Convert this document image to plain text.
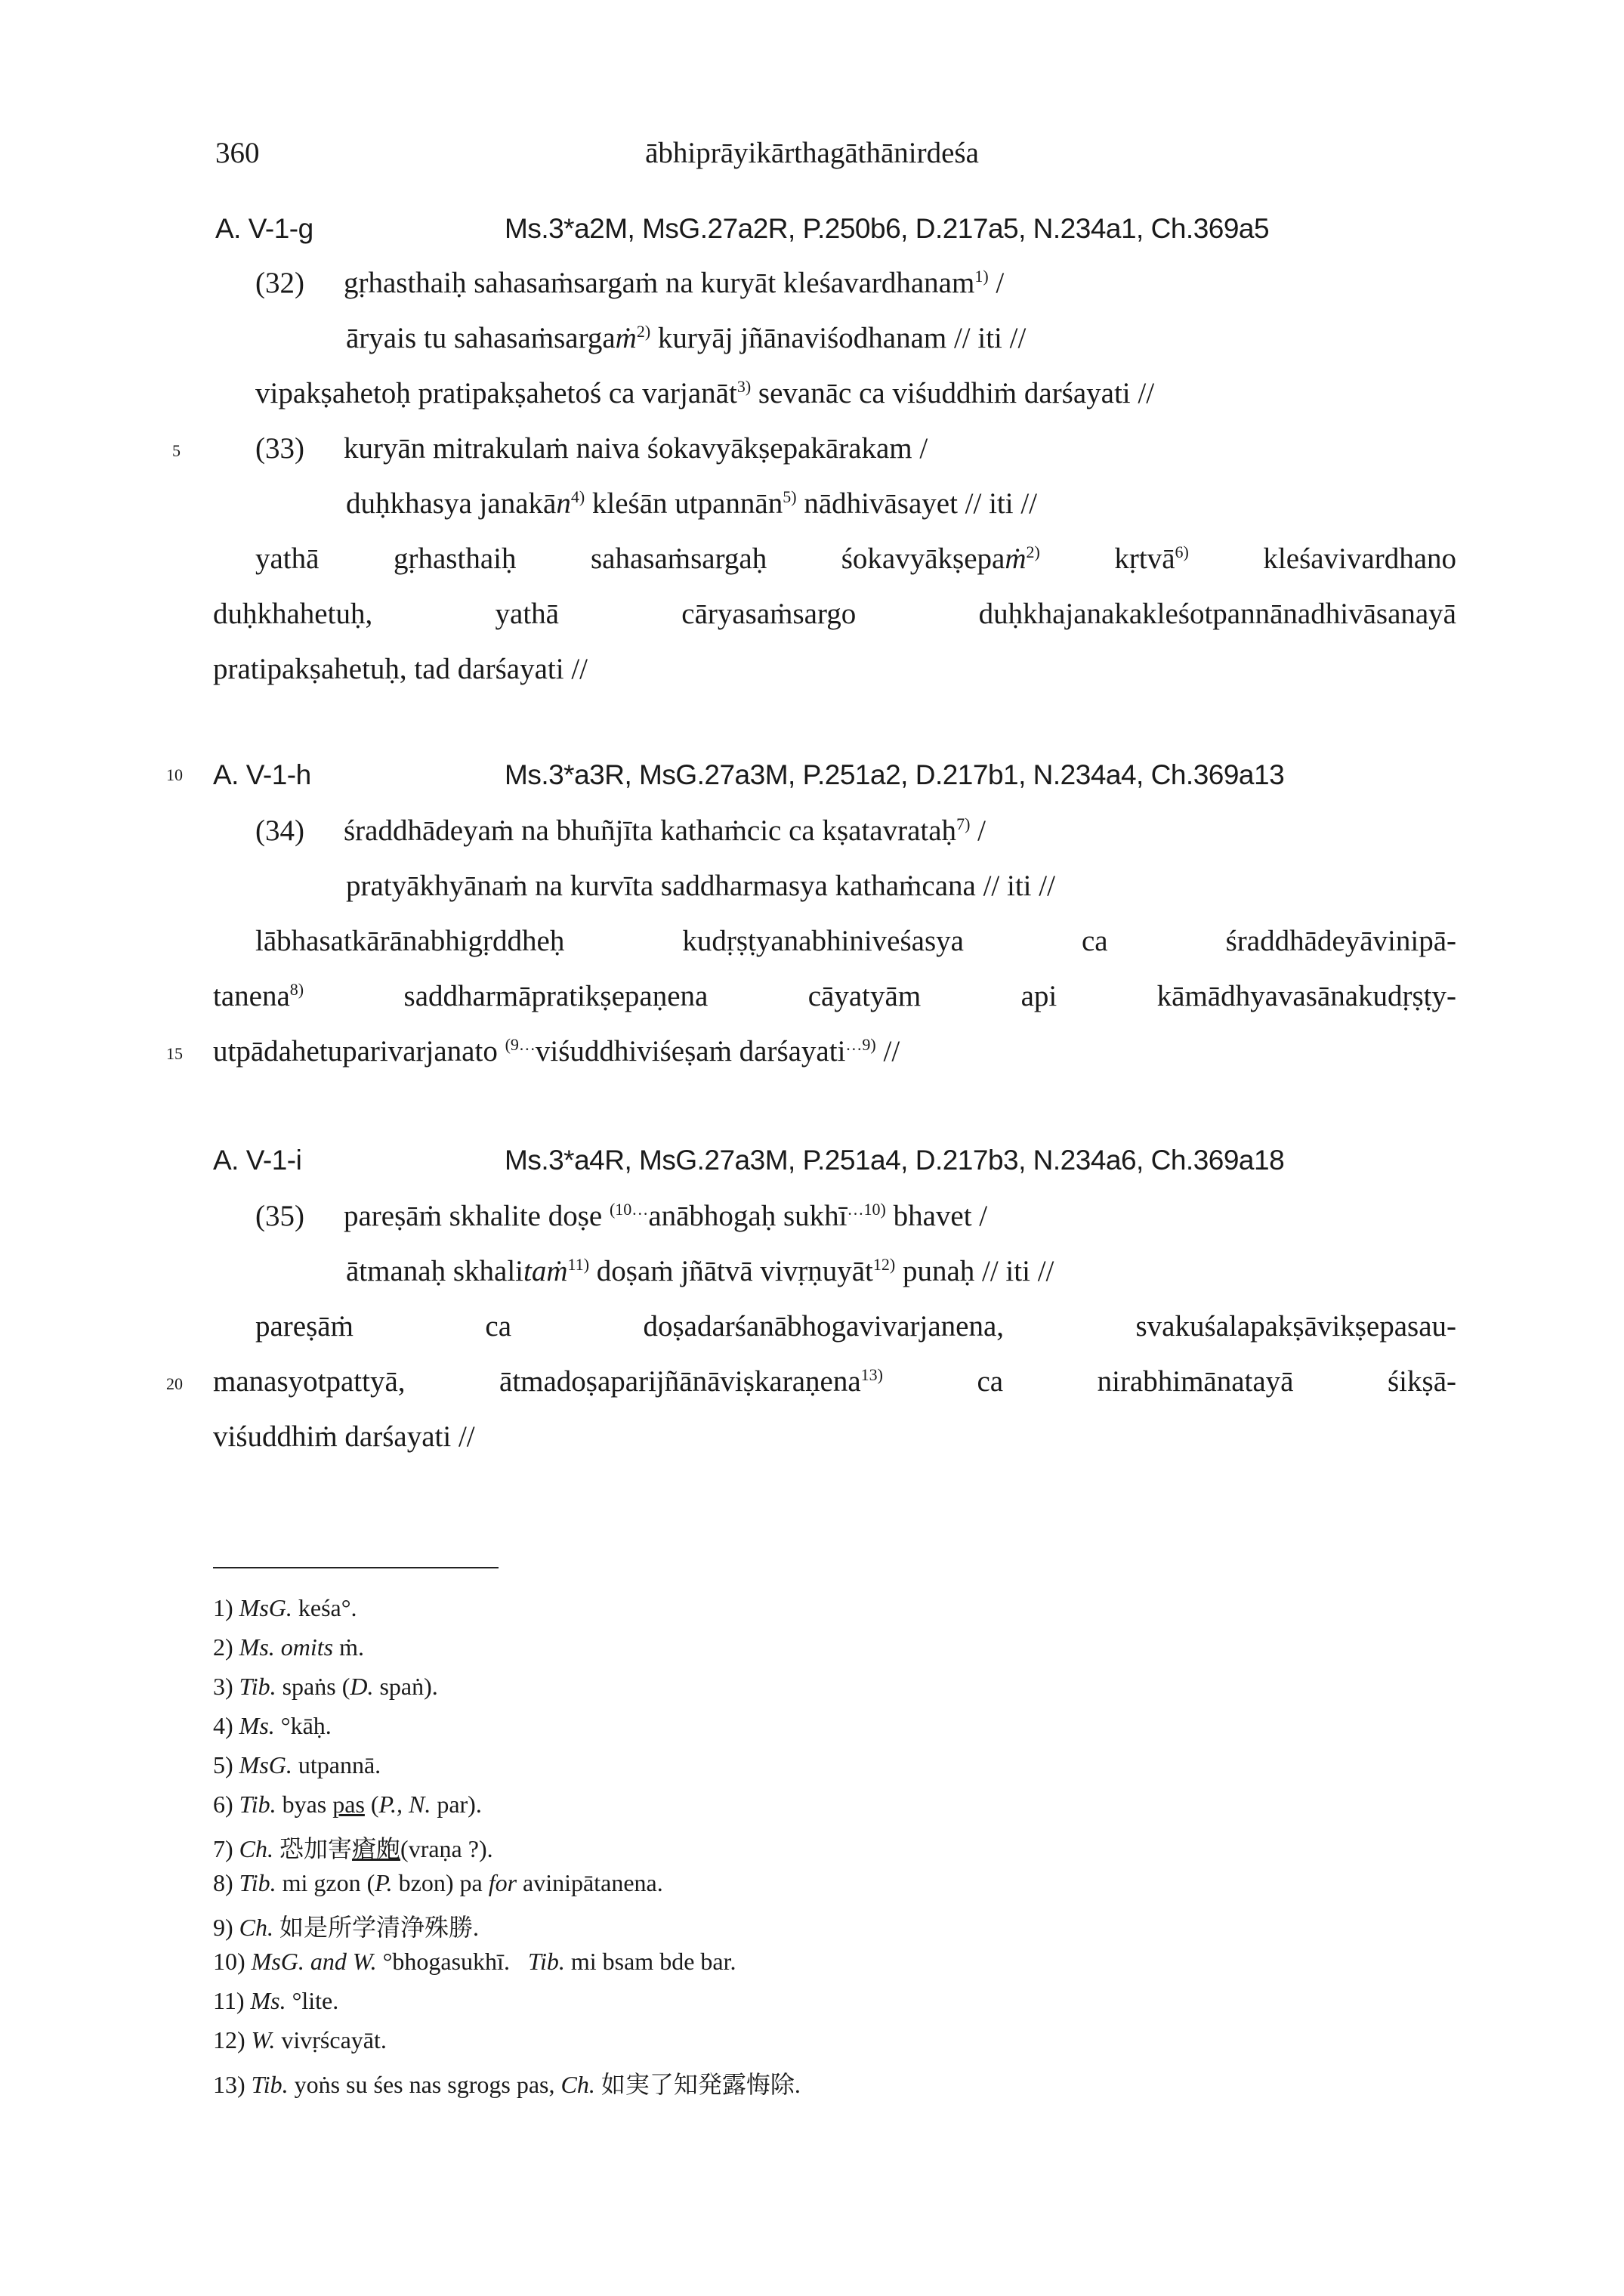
360	ābhiprāyikārthagāthānirdeśa
A. V-1-g	Ms.3*a2M, MsG.27a2R, P.250b6, D.217a5, N.234a1, Ch.369a5
(32) gṛhasthaiḥ sahasaṁsargaṁ na kuryāt kleśavardhanam$^{1)}$ /
āryais tu sahasaṁsargaṁ$^{2)}$ kuryāj jñānaviśodhanam // iti //
vipakṣahetoḥ pratipakṣahetoś ca varjanāt$^{3)}$ sevanāc ca viśuddhiṁ darśayati //
5	(33) kuryān mitrakulaṁ naiva śokavyākṣepakārakam /
duḥkhasya janakān$^{4)}$ kleśān utpannān$^{5)}$ nādhivāsayet // iti //
yathā gṛhasthaiḥ sahasaṁsargaḥ śokavyākṣepaṁ$^{2)}$ kṛtvā$^{6)}$ kleśavivardhano
duḥkhahetuḥ, yathā cāryasaṁsargo duḥkhajanakakleśotpannānadhivāsanayā
pratipakṣahetuḥ, tad darśayati //
10 A. V-1-h	Ms.3*a3R, MsG.27a3M, P.251a2, D.217b1, N.234a4, Ch.369a13
(34) śraddhādeyaṁ na bhuñjīta kathaṁcic ca kṣatavrataḥ$^{7)}$ /
pratyākhyānaṁ na kurvīta saddharmasya kathaṁcana // iti //
lābhasatkārānabhigṛddheḥ kudṛṣṭyanabhiniveśasya ca śraddhādeyāvinipā-
tanena$^{8)}$ saddharmāpratikṣepaṇena cāyatyām api kāmādhyavasānakudṛṣṭy-
15 utpādahetuparivarjanato $^{(9\dots}$viśuddhiviśeṣaṁ darśayati$^{\dots 9)}$ //
A. V-1-i	Ms.3*a4R, MsG.27a3M, P.251a4, D.217b3, N.234a6, Ch.369a18
(35) pareṣāṁ skhalite doṣe $^{(10\dots}$anābhogaḥ sukhī$^{\dots 10)}$ bhavet /
ātmanaḥ skhalitaṁ$^{11)}$ doṣaṁ jñātvā vivṛṇuyāt$^{12)}$ punaḥ // iti //
pareṣāṁ ca doṣadarśanābhogavivarjanena, svakuśalapakṣāvikṣepasau-
20 manasyotpattyā, ātmadoṣaparijñānāviṣkaraṇena$^{13)}$ ca nirabhimānatayā śikṣā-
viśuddhiṁ darśayati //
1) MsG. keśa°.
2) Ms. omits ṁ.
3) Tib. spaṅs (D. spaṅ).
4) Ms. °kāḥ.
5) MsG. utpannā.
6) Tib. byas pas (P., N. par).
7) Ch. 恐加害瘡皰(vraṇa ?).
8) Tib. mi gzon (P. bzon) pa for avinipātanena.
9) Ch. 如是所学清浄殊勝.
10) MsG. and W. °bhogasukhī.   Tib. mi bsam bde bar.
11) Ms. °lite.
12) W. vivṛścayāt.
13) Tib. yoṅs su śes nas sgrogs pas, Ch. 如実了知発露悔除.
